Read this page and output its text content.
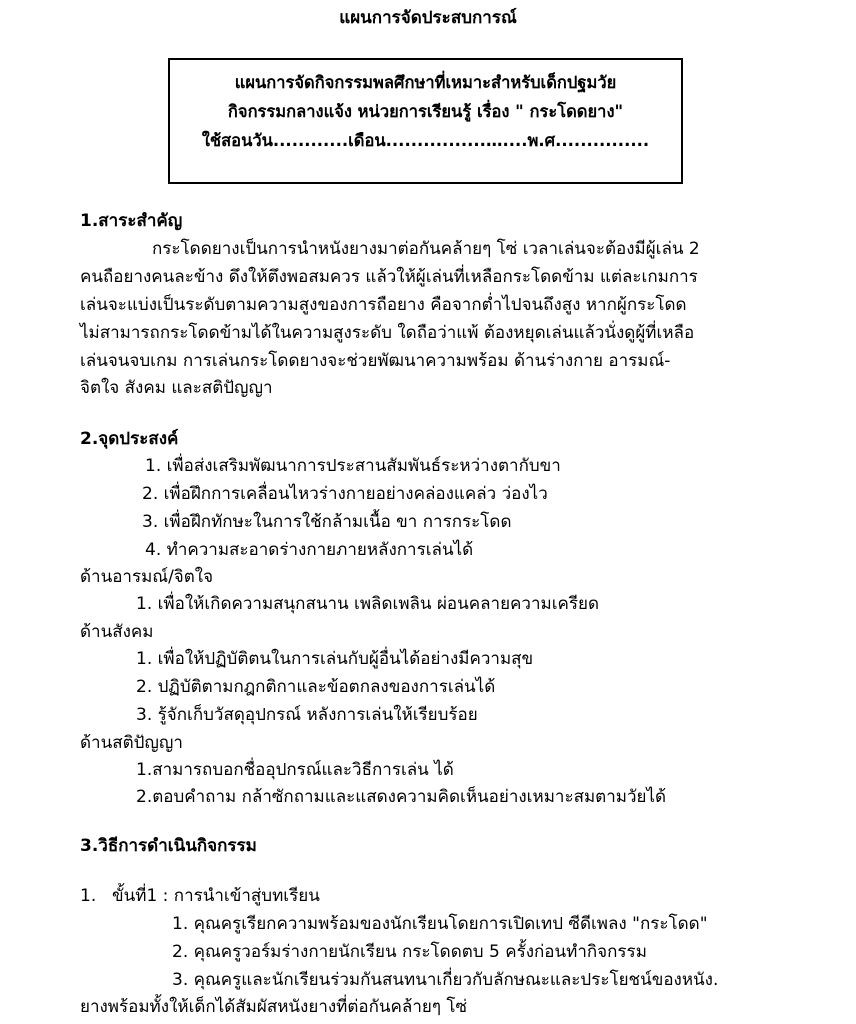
แผนการจัดประสบการณ์
แผนการจัดกิจกรรมพลศึกษาที่เหมาะสำหรับเด็กปฐมวัย
กิจกรรมกลางแจ้ง หน่วยการเรียนรู้ เรื่อง " กระโดดยาง"
ใช้สอนวัน............เดือน................…....พ.ศ...............
1.สาระสำคัญ
กระโดดยางเป็นการนำหนังยางมาต่อกันคล้ายๆ โซ่ เวลาเล่นจะต้องมีผู้เล่น 2
คนถือยางคนละข้าง ดึงให้ตึงพอสมควร แล้วให้ผู้เล่นที่เหลือกระโดดข้าม แต่ละเกมการ
เล่นจะแบ่งเป็นระดับตามความสูงของการถือยาง คือจากต่ำไปจนถึงสูง หากผู้กระโดด
ไม่สามารถกระโดดข้ามได้ในความสูงระดับ ใดถือว่าแพ้ ต้องหยุดเล่นแล้วนั่งดูผู้ที่เหลือ
เล่นจนจบเกม การเล่นกระโดดยางจะช่วยพัฒนาความพร้อม ด้านร่างกาย อารมณ์-
จิตใจ สังคม และสติปัญญา
2.จุดประสงค์
1. เพื่อส่งเสริมพัฒนาการประสานสัมพันธ์ระหว่างตากับขา
2. เพื่อฝึกการเคลื่อนไหวร่างกายอย่างคล่องแคล่ว ว่องไว
3. เพื่อฝึกทักษะในการใช้กล้ามเนื้อ ขา การกระโดด
4. ทำความสะอาดร่างกายภายหลังการเล่นได้
ด้านอารมณ์/จิตใจ
1. เพื่อให้เกิดความสนุกสนาน เพลิดเพลิน ผ่อนคลายความเครียด
ด้านสังคม
1. เพื่อให้ปฏิบัติตนในการเล่นกับผู้อื่นได้อย่างมีความสุข
2. ปฏิบัติตามกฎกติกาและข้อตกลงของการเล่นได้
3. รู้จักเก็บวัสดุอุปกรณ์ หลังการเล่นให้เรียบร้อย
ด้านสติปัญญา
1.สามารถบอกชื่ออุปกรณ์และวิธีการเล่น ได้
2.ตอบคำถาม กล้าซักถามและแสดงความคิดเห็นอย่างเหมาะสมตามวัยได้
3.วิธีการดำเนินกิจกรรม
1. ขั้นที่1 : การนำเข้าสู่บทเรียน
1. คุณครูเรียกความพร้อมของนักเรียนโดยการเปิดเทป ซีดีเพลง "กระโดด"
2. คุณครูวอร์มร่างกายนักเรียน กระโดดตบ 5 ครั้งก่อนทำกิจกรรม
3. คุณครูและนักเรียนร่วมกันสนทนาเกี่ยวกับลักษณะและประโยชน์ของหนัง.
ยางพร้อมทั้งให้เด็กได้สัมผัสหนังยางที่ต่อกันคล้ายๆ โซ่
